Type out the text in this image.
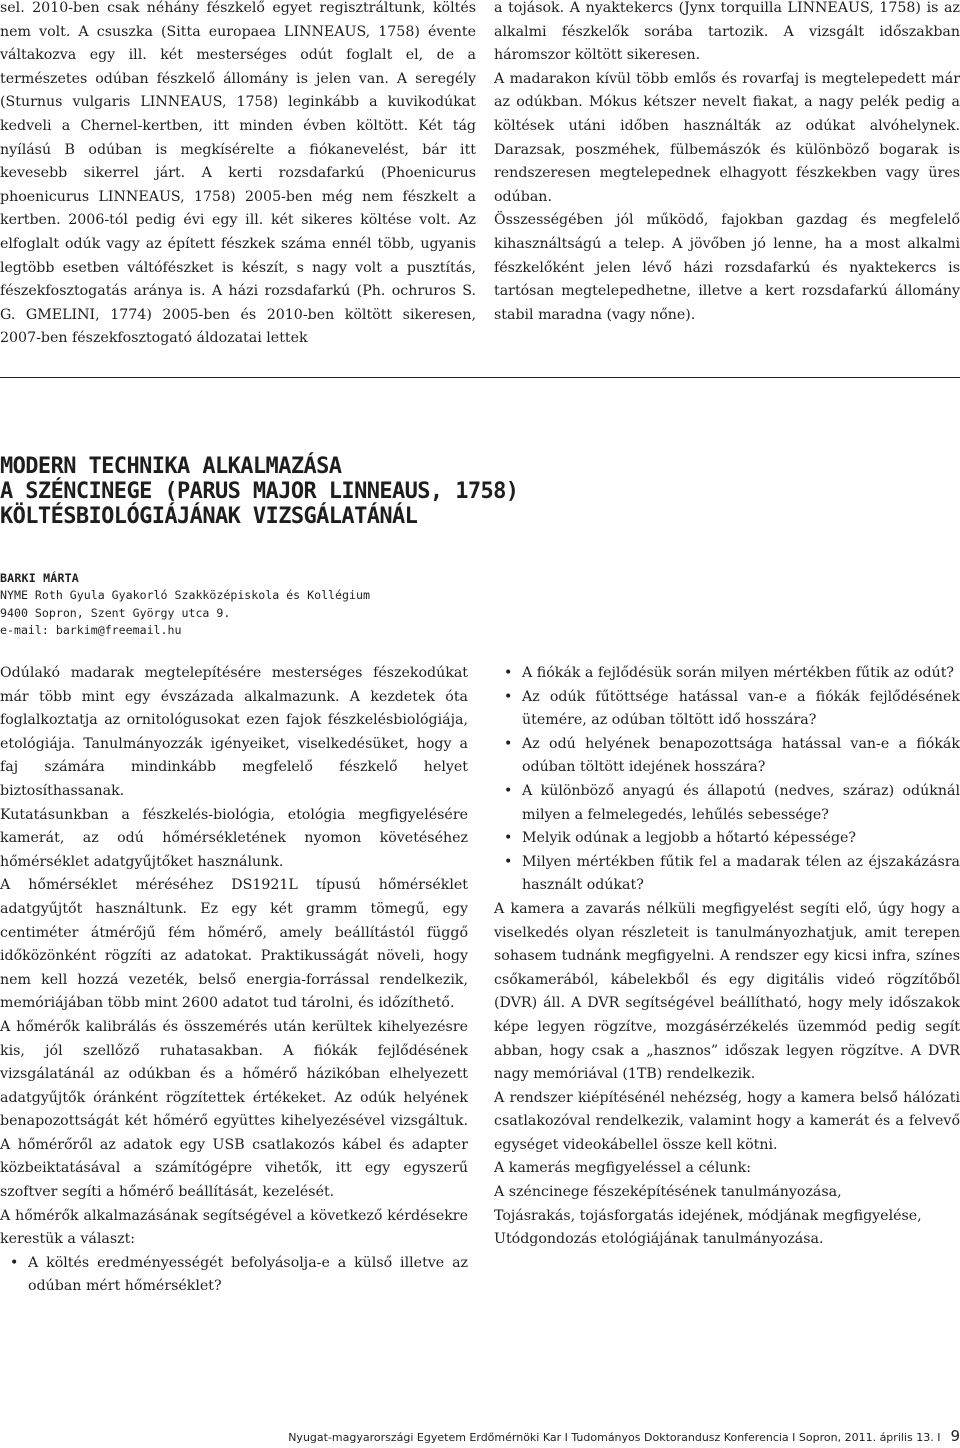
sel. 2010-ben csak néhány fészkelő egyet regisztráltunk, költés nem volt. A csuszka (Sitta europaea LINNEAUS, 1758) évente váltakozva egy ill. két mesterséges odút foglalt el, de a természetes odúban fészkelő állomány is jelen van. A seregély (Sturnus vulgaris LINNEAUS, 1758) leginkább a kuvikodúkat kedveli a Chernel-kertben, itt minden évben költött. Két tág nyílású B odúban is megkísérelte a fiókanevelést, bár itt kevesebb sikerrel járt. A kerti rozsdafarkú (Phoenicurus phoenicurus LINNEAUS, 1758) 2005-ben még nem fészkelt a kertben. 2006-tól pedig évi egy ill. két sikeres költése volt. Az elfoglalt odúk vagy az épített fészkek száma ennél több, ugyanis legtöbb esetben váltófészket is készít, s nagy volt a pusztítás, fészekfosztogatás aránya is. A házi rozsdafarkú (Ph. ochruros S. G. GMELINI, 1774) 2005-ben és 2010-ben költött sikeresen, 2007-ben fészekfosztogató áldozatai lettek

a tojások. A nyaktekercs (Jynx torquilla LINNEAUS, 1758) is az alkalmi fészkelők sorába tartozik. A vizsgált időszakban háromszor költött sikeresen.

A madarakon kívül több emlős és rovarfaj is megtelepedett már az odúkban. Mókus kétszer nevelt fiakat, a nagy pelék pedig a költések utáni időben használták az odúkat alvóhelynek. Darazsak, poszméhek, fülbemászók és különböző bogarak is rendszeresen megtelepednek elhagyott fészkekben vagy üres odúban.

Összességében jól működő, fajokban gazdag és megfelelő kihasználtságú a telep. A jövőben jó lenne, ha a most alkalmi fészkelőként jelen lévő házi rozsdafarkú és nyaktekercs is tartósan megtelepedhetne, illetve a kert rozsdafarkú állomány stabil maradna (vagy nőne).

MODERN TECHNIKA ALKALMAZÁSA
A SZÉNCINEGE (PARUS MAJOR LINNEAUS, 1758)
KÖLTÉSBIOLÓGIÁJÁNAK VIZSGÁLATÁNÁL
BARKI MÁRTA
NYME Roth Gyula Gyakorló Szakközépiskola és Kollégium
9400 Sopron, Szent György utca 9.
e-mail: barkim@freemail.hu

Odúlakó madarak megtelepítésére mesterséges fészekodúkat már több mint egy évszázada alkalmazunk. A kezdetek óta foglalkoztatja az ornitológusokat ezen fajok fészkelésbiológiája, etológiája. Tanulmányozzák igényeiket, viselkedésüket, hogy a faj számára mindinkább megfelelő fészkelő helyet biztosíthassanak.

Kutatásunkban a fészkelés-biológia, etológia megfigyelésére kamerát, az odú hőmérsékletének nyomon követéséhez hőmérséklet adatgyűjtőket használunk.

A hőmérséklet méréséhez DS1921L típusú hőmérséklet adatgyűjtőt használtunk. Ez egy két gramm tömegű, egy centiméter átmérőjű fém hőmérő, amely beállítástól függő időközönként rögzíti az adatokat. Praktikusságát növeli, hogy nem kell hozzá vezeték, belső energia-forrással rendelkezik, memóriájában több mint 2600 adatot tud tárolni, és időzíthető.

A hőmérők kalibrálás és összemérés után kerültek kihelyezésre kis, jól szellőző ruhatasakban. A fiókák fejlődésének vizsgálatánál az odúkban és a hőmérő házikóban elhelyezett adatgyűjtők óránként rögzítettek értékeket. Az odúk helyének benapozottságát két hőmérő együttes kihelyezésével vizsgáltuk. A hőmérőről az adatok egy USB csatlakozós kábel és adapter közbeiktatásával a számítógépre vihetők, itt egy egyszerű szoftver segíti a hőmérő beállítását, kezelését.

A hőmérők alkalmazásának segítségével a következő kérdésekre kerestük a választ:

• A költés eredményességét befolyásolja-e a külső illetve az odúban mért hőmérséklet?
• A fiókák a fejlődésük során milyen mértékben fűtik az odút?
• Az odúk fűtöttsége hatással van-e a fiókák fejlődésének ütemére, az odúban töltött idő hosszára?
• Az odú helyének benapozottsága hatással van-e a fiókák odúban töltött idejének hosszára?
• A különböző anyagú és állapotú (nedves, száraz) odúknál milyen a felmelegedés, lehűlés sebessége?
• Melyik odúnak a legjobb a hőtartó képessége?
• Milyen mértékben fűtik fel a madarak télen az éjszakázásra használt odúkat?

A kamera a zavarás nélküli megfigyelést segíti elő, úgy hogy a viselkedés olyan részleteit is tanulmányozhatjuk, amit terepen sohasem tudnánk megfigyelni. A rendszer egy kicsi infra, színes csőkamerából, kábelekből és egy digitális videó rögzítőből (DVR) áll. A DVR segítségével beállítható, hogy mely időszakok képe legyen rögzítve, mozgásérzékelés üzemmód pedig segít abban, hogy csak a „hasznos” időszak legyen rögzítve. A DVR nagy memóriával (1TB) rendelkezik.

A rendszer kiépítésénél nehézség, hogy a kamera belső hálózati csatlakozóval rendelkezik, valamint hogy a kamerát és a felvevő egységet videokábellel össze kell kötni.

A kamerás megfigyeléssel a célunk:

A széncinege fészeképítésének tanulmányozása,

Tojásrakás, tojásforgatás idejének, módjának megfigyelése,

Utódgondozás etológiájának tanulmányozása.

Nyugat-magyarországi Egyetem Erdőmérnöki Kar I Tudományos Doktorandusz Konferencia I Sopron, 2011. április 13. I 9
